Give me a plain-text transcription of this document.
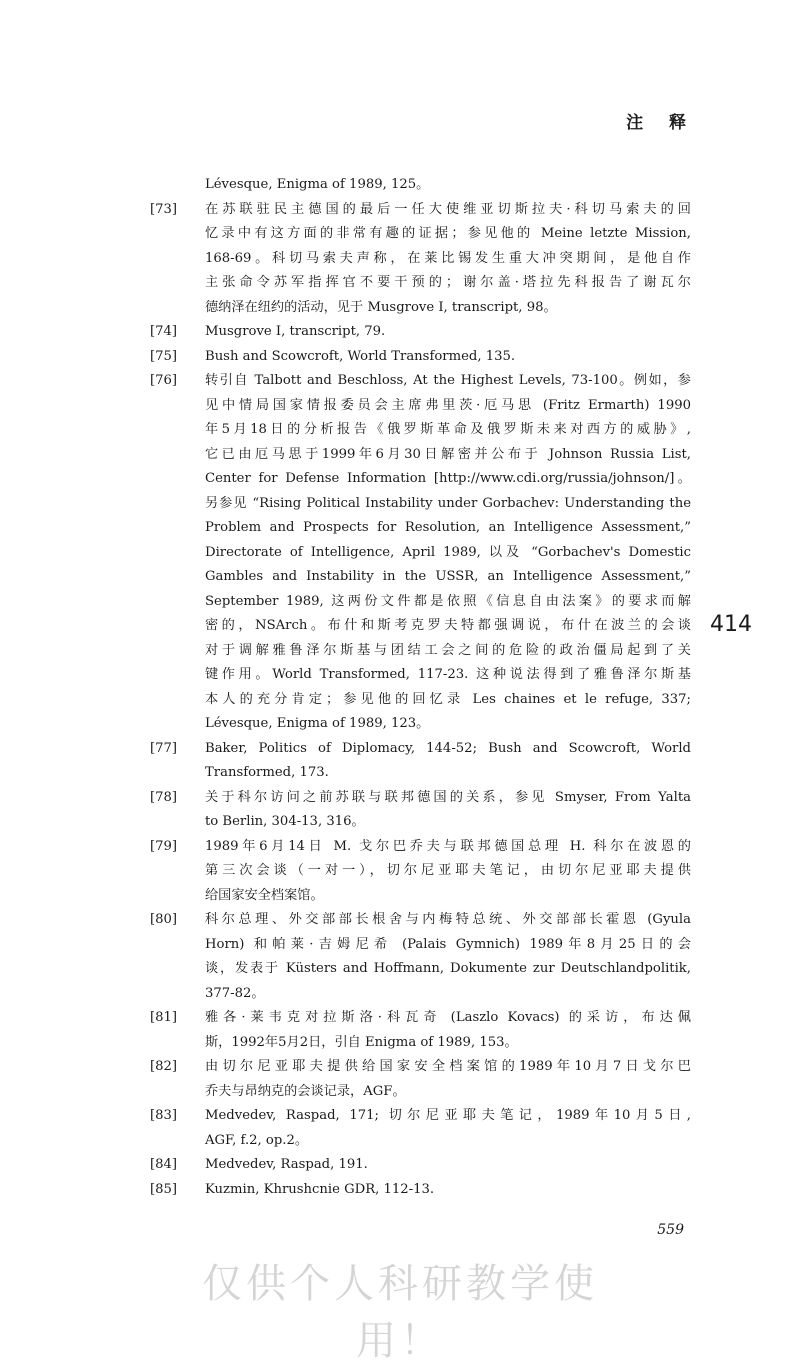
注 释
Lévesque, Enigma of 1989, 125。
[73]	在苏联驻民主德国的最后一任大使维亚切斯拉夫·科切马索夫的回
忆录中有这方面的非常有趣的证据；参见他的 Meine letzte Mission,
168-69。科切马索夫声称，在莱比锡发生重大冲突期间，是他自作
主张命令苏军指挥官不要干预的；谢尔盖·塔拉先科报告了谢瓦尔
德纳泽在纽约的活动，见于 Musgrove I, transcript, 98。
[74]	Musgrove I, transcript, 79.
[75]	Bush and Scowcroft, World Transformed, 135.
[76]	转引自 Talbott and Beschloss, At the Highest Levels, 73-100。例如，参
见中情局国家情报委员会主席弗里茨·厄马思 (Fritz Ermarth) 1990
年5月18日的分析报告《俄罗斯革命及俄罗斯未来对西方的威胁》,
它已由厄马思于1999年6月30日解密并公布于 Johnson Russia List,
Center for Defense Information [http://www.cdi.org/russia/johnson/]。
另参见 “Rising Political Instability under Gorbachev: Understanding the
Problem and Prospects for Resolution, an Intelligence Assessment,”
Directorate of Intelligence, April 1989, 以及 “Gorbachev's Domestic
Gambles and Instability in the USSR, an Intelligence Assessment,”
September 1989, 这两份文件都是依照《信息自由法案》的要求而解
密的，NSArch。布什和斯考克罗夫特都强调说，布什在波兰的会谈
对于调解雅鲁泽尔斯基与团结工会之间的危险的政治僵局起到了关
键作用。World Transformed, 117-23. 这种说法得到了雅鲁泽尔斯基
本人的充分肯定；参见他的回忆录 Les chaines et le refuge, 337;
Lévesque, Enigma of 1989, 123。
[77]	Baker, Politics of Diplomacy, 144-52; Bush and Scowcroft, World
Transformed, 173.
[78]	关于科尔访问之前苏联与联邦德国的关系，参见 Smyser, From Yalta
to Berlin, 304-13, 316。
[79]	1989年6月14日 M. 戈尔巴乔夫与联邦德国总理 H. 科尔在波恩的
第三次会谈（一对一），切尔尼亚耶夫笔记，由切尔尼亚耶夫提供
给国家安全档案馆。
[80]	科尔总理、外交部部长根舍与内梅特总统、外交部部长霍恩 (Gyula
Horn) 和帕莱·吉姆尼希 (Palais Gymnich) 1989年8月25日的会
谈，发表于 Küsters and Hoffmann, Dokumente zur Deutschlandpolitik,
377-82。
[81]	雅各·莱韦克对拉斯洛·科瓦奇 (Laszlo Kovacs) 的采访，布达佩
斯，1992年5月2日，引自 Enigma of 1989, 153。
[82]	由切尔尼亚耶夫提供给国家安全档案馆的1989年10月7日戈尔巴
乔夫与昂纳克的会谈记录，AGF。
[83]	Medvedev, Raspad, 171; 切尔尼亚耶夫笔记，1989年10月5日,
AGF, f.2, op.2。
[84]	Medvedev, Raspad, 191.
[85]	Kuzmin, Khrushcnie GDR, 112-13.
414
559
仅供个人科研教学使用！
